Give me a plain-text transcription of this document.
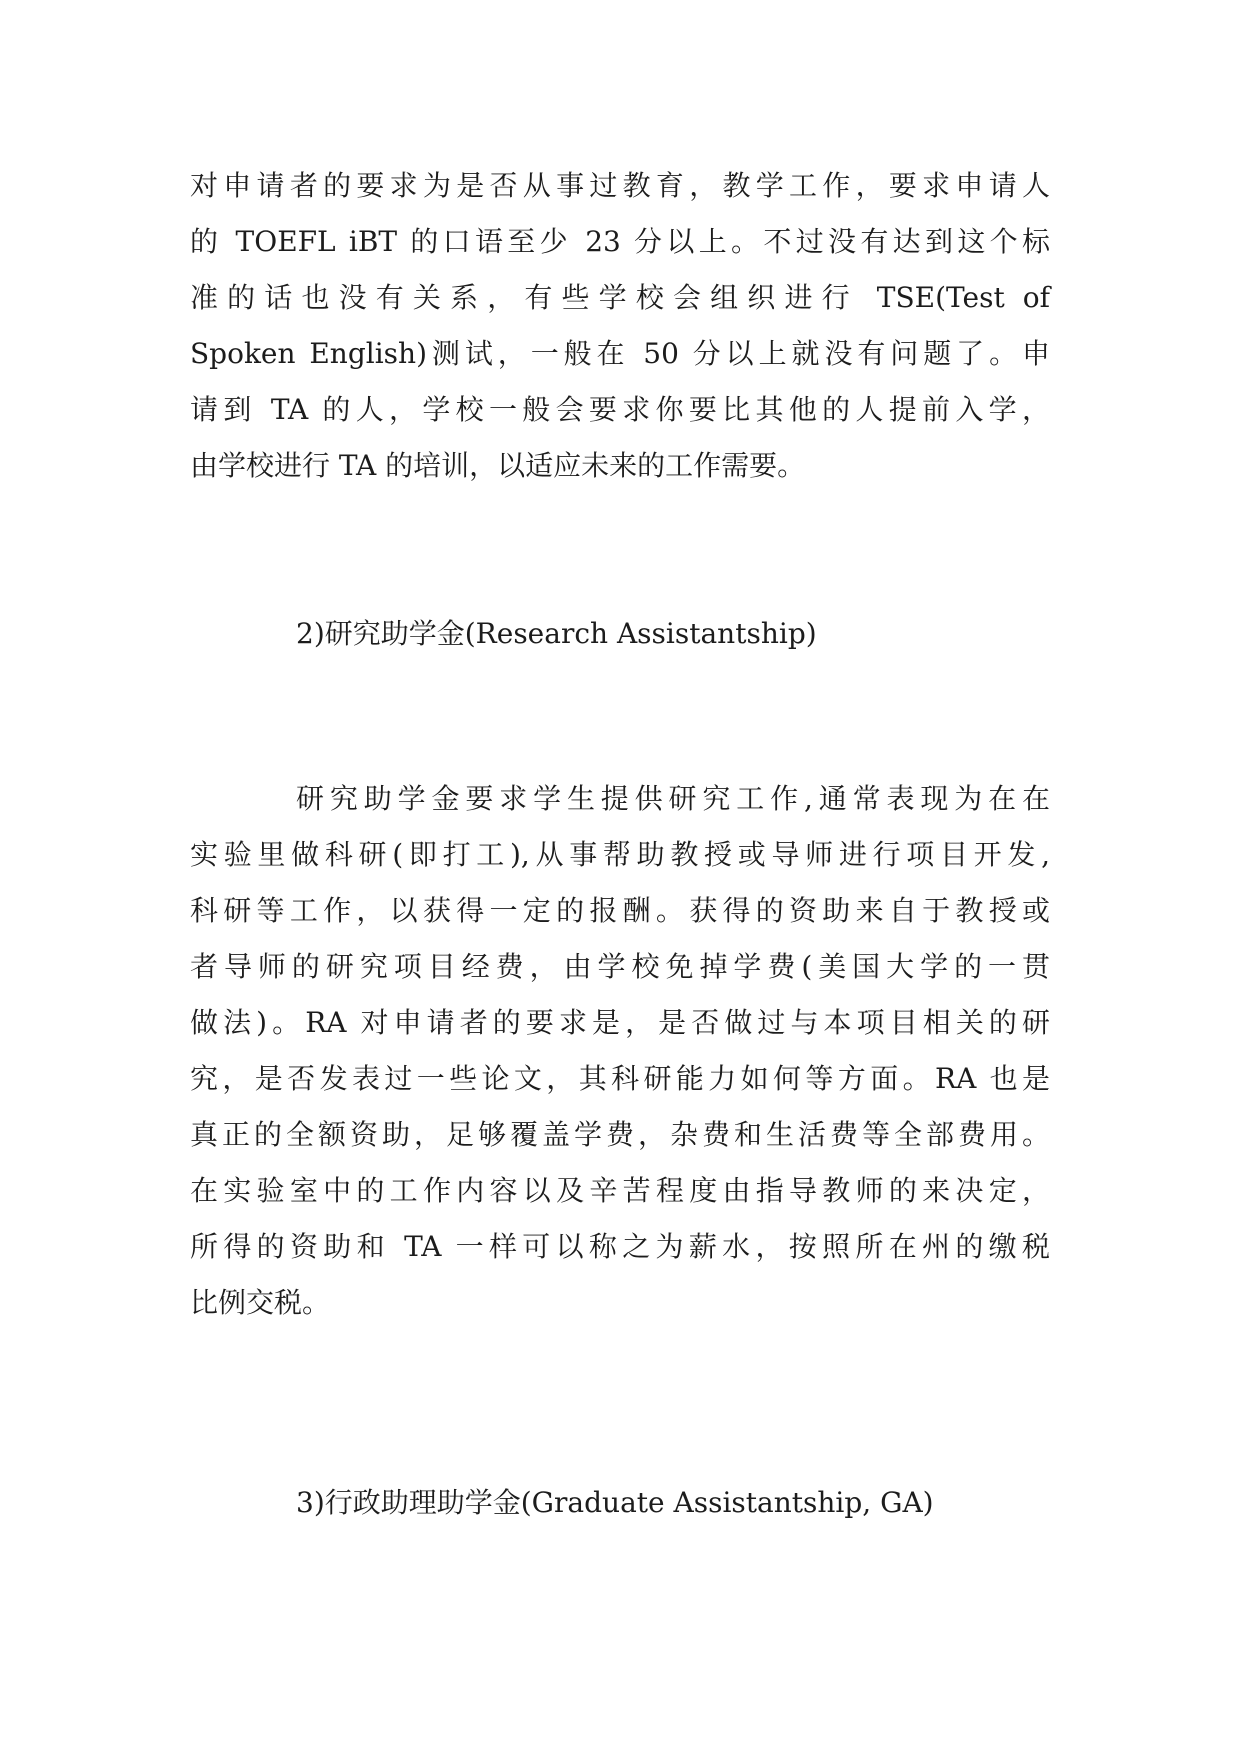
对申请者的要求为是否从事过教育，教学工作，要求申请人
的 TOEFL iBT 的口语至少 23 分以上。不过没有达到这个标
准的话也没有关系，有些学校会组织进行 TSE(Test of
Spoken English)测试，一般在 50 分以上就没有问题了。申
请到 TA 的人，学校一般会要求你要比其他的人提前入学，
由学校进行 TA 的培训，以适应未来的工作需要。
2)研究助学金(Research Assistantship)
研究助学金要求学生提供研究工作,通常表现为在在
实验里做科研(即打工),从事帮助教授或导师进行项目开发,
科研等工作，以获得一定的报酬。获得的资助来自于教授或
者导师的研究项目经费，由学校免掉学费(美国大学的一贯
做法)。RA 对申请者的要求是，是否做过与本项目相关的研
究，是否发表过一些论文，其科研能力如何等方面。RA 也是
真正的全额资助，足够覆盖学费，杂费和生活费等全部费用。
在实验室中的工作内容以及辛苦程度由指导教师的来决定，
所得的资助和 TA 一样可以称之为薪水，按照所在州的缴税
比例交税。
3)行政助理助学金(Graduate Assistantship, GA)
